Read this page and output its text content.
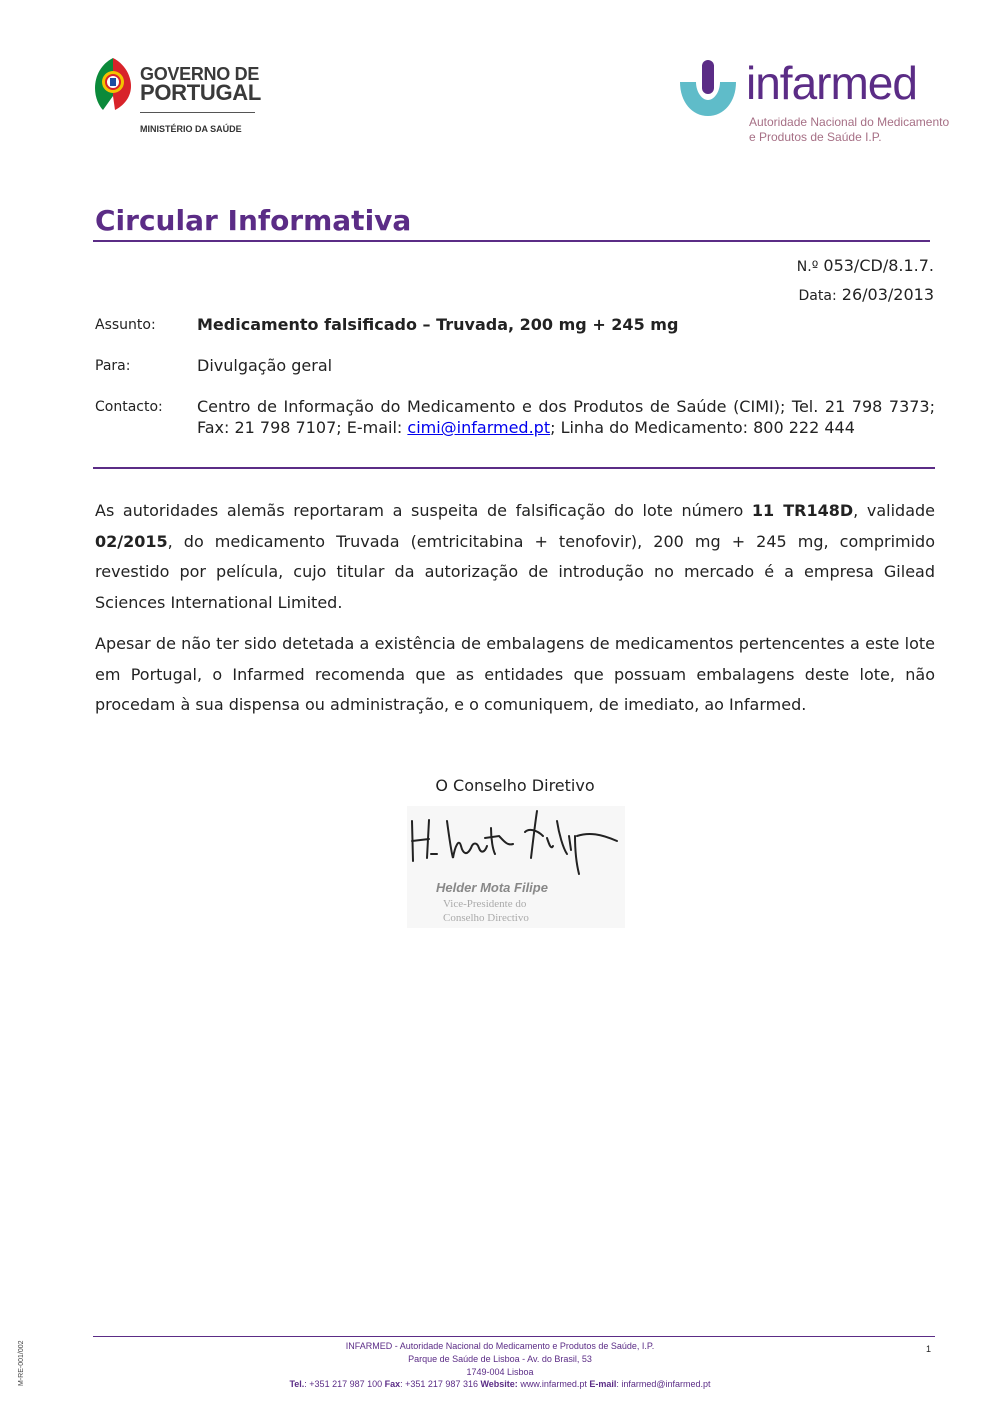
GOVERNO DE
PORTUGAL
MINISTÉRIO DA SAÚDE
infarmed
Autoridade Nacional do Medicamento
e Produtos de Saúde I.P.
Circular Informativa
N.º 053/CD/8.1.7.
Data: 26/03/2013
Assunto:	Medicamento falsificado – Truvada, 200 mg + 245 mg
Para:	Divulgação geral
Contacto: Centro de Informação do Medicamento e dos Produtos de Saúde (CIMI); Tel. 21 798 7373; Fax: 21 798 7107; E-mail: cimi@infarmed.pt; Linha do Medicamento: 800 222 444
As autoridades alemãs reportaram a suspeita de falsificação do lote número 11 TR148D, validade 02/2015, do medicamento Truvada (emtricitabina + tenofovir), 200 mg + 245 mg, comprimido revestido por película, cujo titular da autorização de introdução no mercado é a empresa Gilead Sciences International Limited.
Apesar de não ter sido detetada a existência de embalagens de medicamentos pertencentes a este lote em Portugal, o Infarmed recomenda que as entidades que possuam embalagens deste lote, não procedam à sua dispensa ou administração, e o comuniquem, de imediato, ao Infarmed.
O Conselho Diretivo
Helder Mota Filipe
Vice-Presidente do
Conselho Directivo
INFARMED - Autoridade Nacional do Medicamento e Produtos de Saúde, I.P.
Parque de Saúde de Lisboa - Av. do Brasil, 53
1749-004 Lisboa
Tel.: +351 217 987 100 Fax: +351 217 987 316 Website: www.infarmed.pt E-mail: infarmed@infarmed.pt
1
M-RE-001/002
